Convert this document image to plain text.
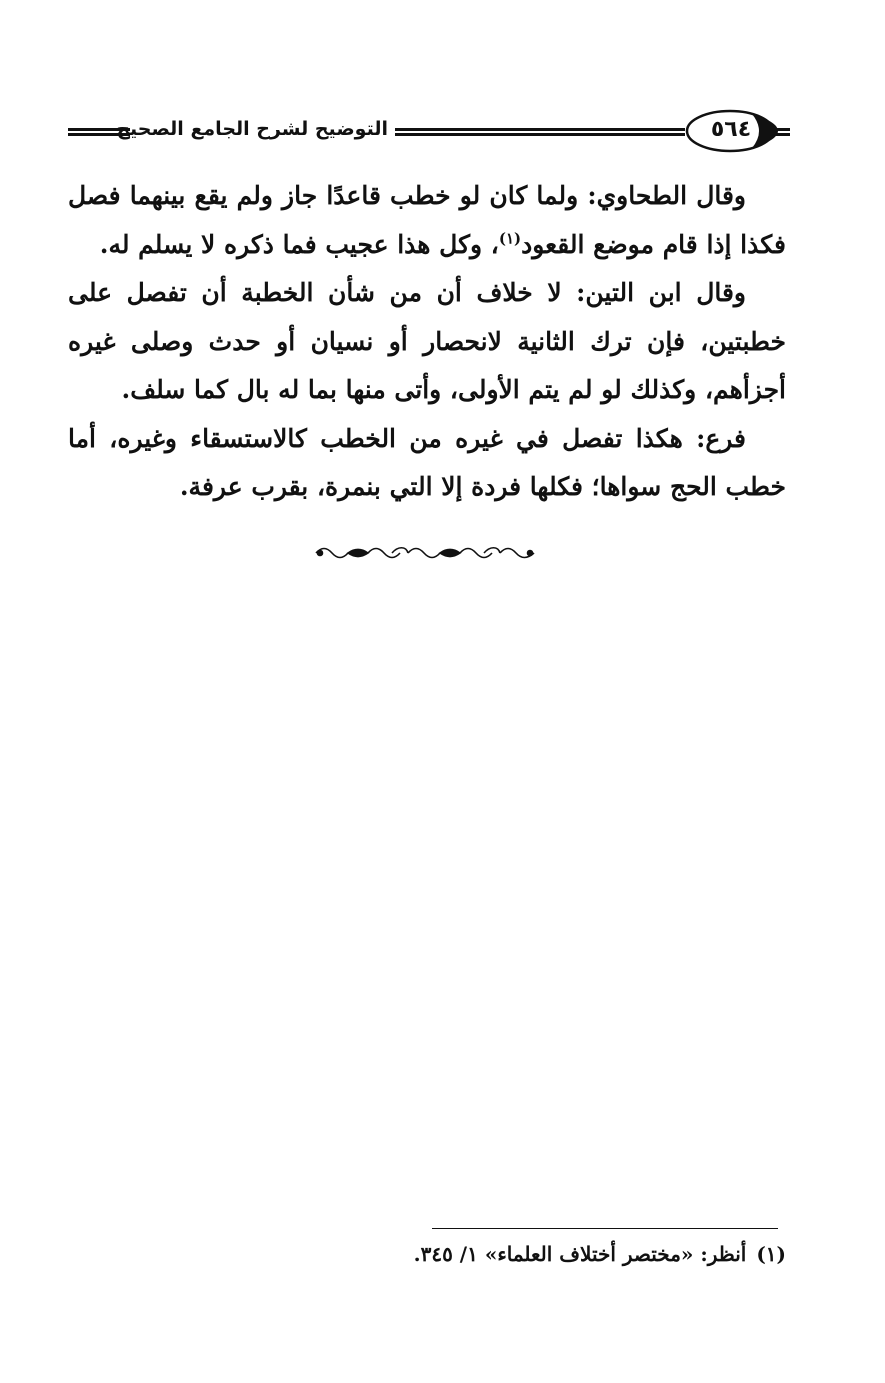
التوضيح لشرح الجامع الصحيح	٥٦٤

وقال الطحاوي: ولما كان لو خطب قاعدًا جاز ولم يقع بينهما فصل فكذا إذا قام موضع القعود$^{(١)}$، وكل هذا عجيب فما ذكره لا يسلم له.

وقال ابن التين: لا خلاف أن من شأن الخطبة أن تفصل على خطبتين، فإن ترك الثانية لانحصار أو نسيان أو حدث وصلى غيره أجزأهم، وكذلك لو لم يتم الأولى، وأتى منها بما له بال كما سلف.

فرع: هكذا تفصل في غيره من الخطب كالاستسقاء وغيره، أما خطب الحج سواها؛ فكلها فردة إلا التي بنمرة، بقرب عرفة.

(١)أنظر: «مختصر أختلاف العلماء» ١/ ٣٤٥.
